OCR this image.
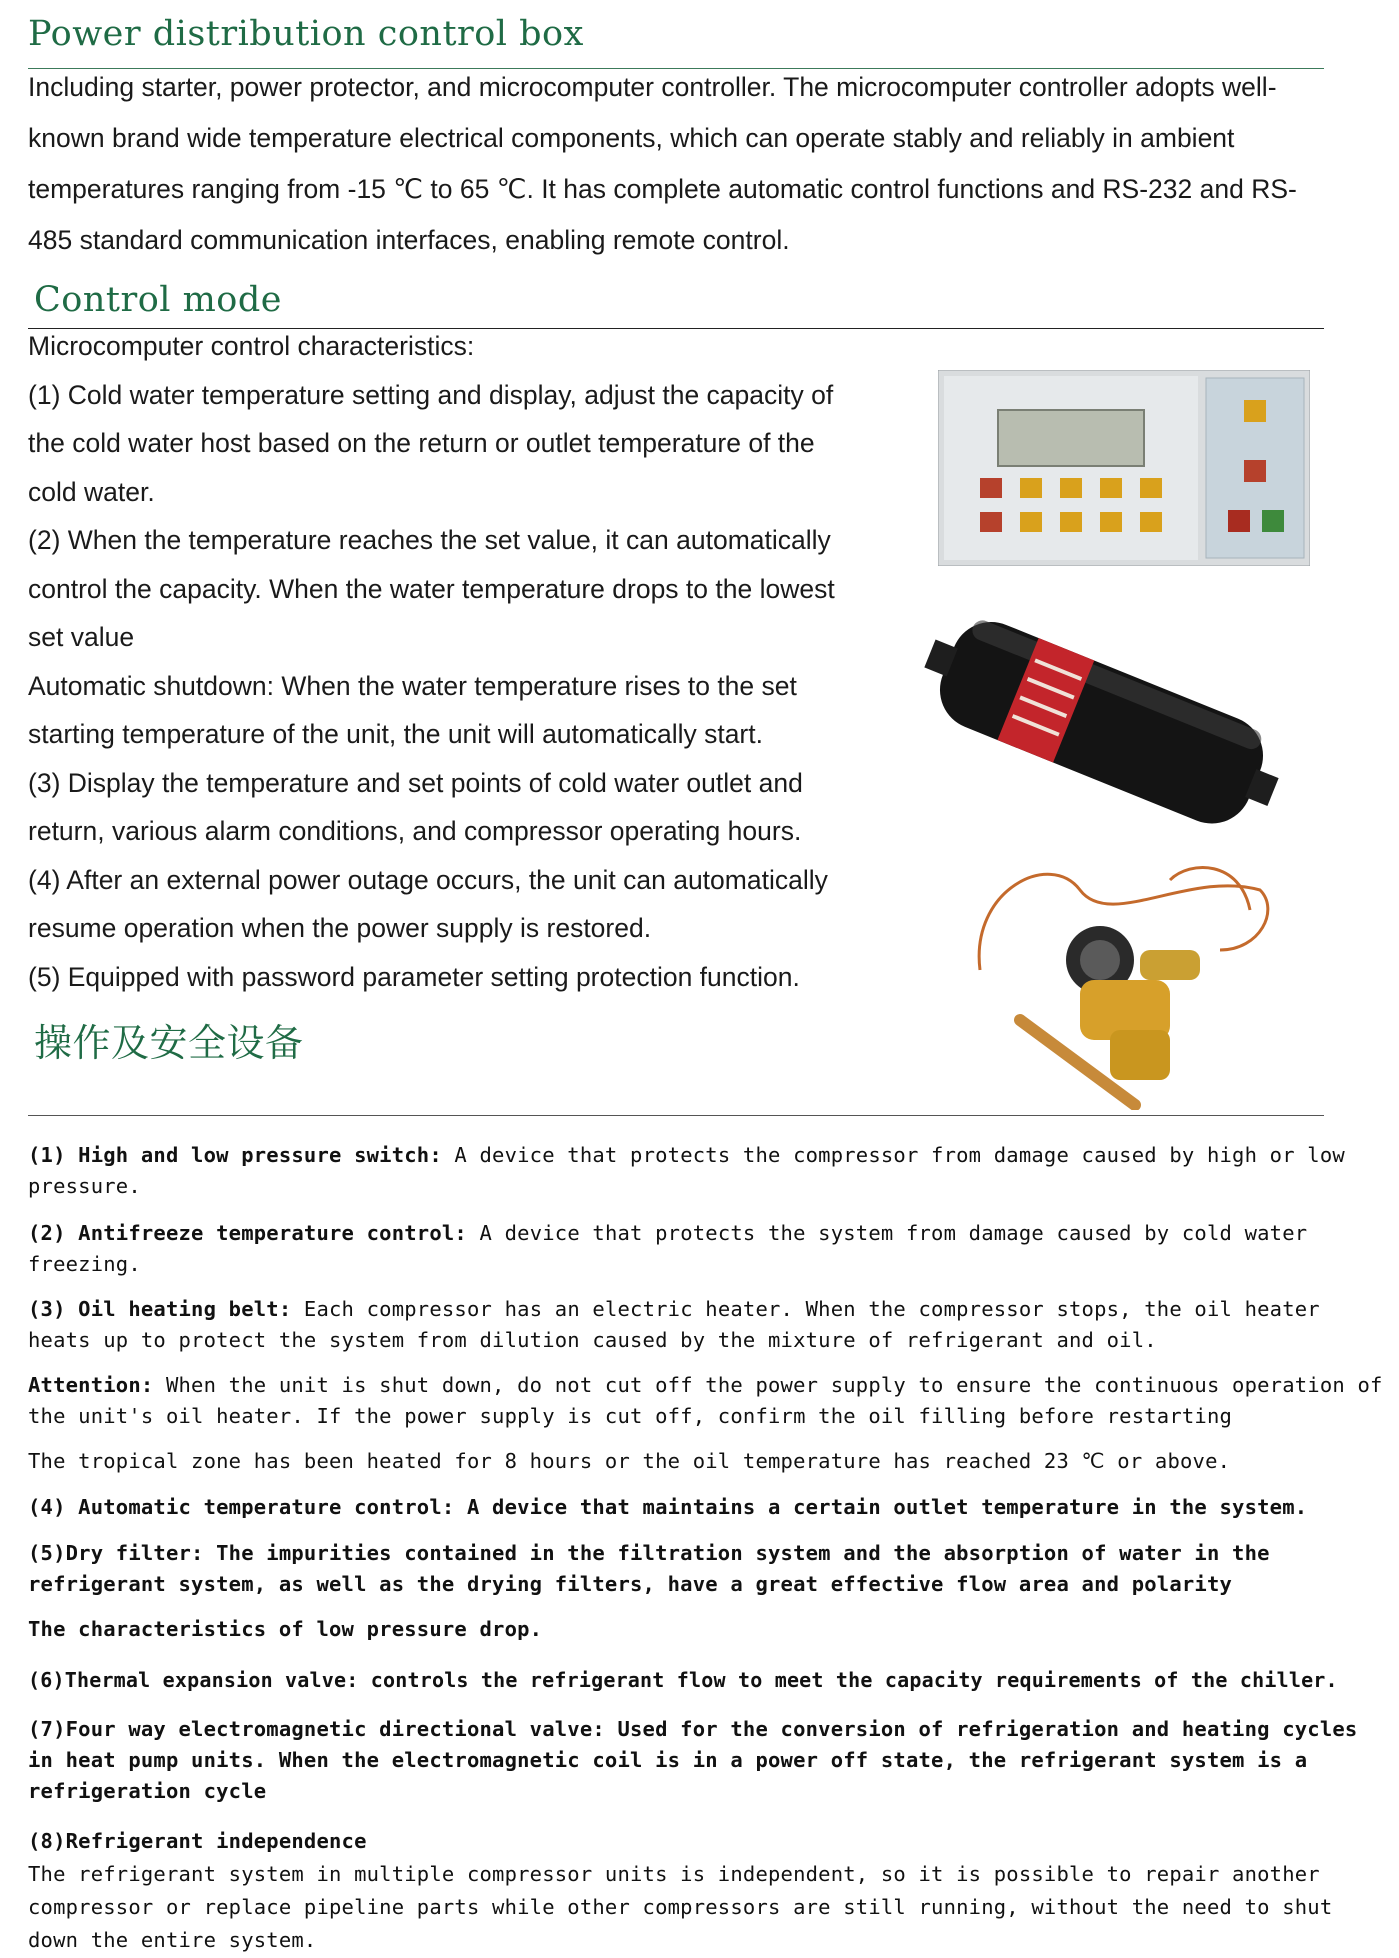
Power distribution control box

Including starter, power protector, and microcomputer controller. The microcomputer controller adopts well-known brand wide temperature electrical components, which can operate stably and reliably in ambient temperatures ranging from -15 ℃ to 65 ℃. It has complete automatic control functions and RS-232 and RS-485 standard communication interfaces, enabling remote control.

Control mode
Microcomputer control characteristics:
(1) Cold water temperature setting and display, adjust the capacity of
the cold water host based on the return or outlet temperature of the
cold water.
(2) When the temperature reaches the set value, it can automatically
control the capacity. When the water temperature drops to the lowest
set value
Automatic shutdown: When the water temperature rises to the set
starting temperature of the unit, the unit will automatically start.
(3) Display the temperature and set points of cold water outlet and
return, various alarm conditions, and compressor operating hours.
(4) After an external power outage occurs, the unit can automatically
resume operation when the power supply is restored.
(5) Equipped with password parameter setting protection function.
操作及安全设备

(1) High and low pressure switch: A device that protects the compressor from damage caused by high or low pressure.

(2) Antifreeze temperature control: A device that protects the system from damage caused by cold water freezing.

(3) Oil heating belt: Each compressor has an electric heater. When the compressor stops, the oil heater heats up to protect the system from dilution caused by the mixture of refrigerant and oil.

Attention: When the unit is shut down, do not cut off the power supply to ensure the continuous operation of the unit's oil heater. If the power supply is cut off, confirm the oil filling before restarting

The tropical zone has been heated for 8 hours or the oil temperature has reached 23 ℃ or above.

(4) Automatic temperature control: A device that maintains a certain outlet temperature in the system.

(5)Dry filter: The impurities contained in the filtration system and the absorption of water in the refrigerant system, as well as the drying filters, have a great effective flow area and polarity

The characteristics of low pressure drop.

(6)Thermal expansion valve: controls the refrigerant flow to meet the capacity requirements of the chiller.

(7)Four way electromagnetic directional valve: Used for the conversion of refrigeration and heating cycles in heat pump units. When the electromagnetic coil is in a power off state, the refrigerant system is a refrigeration cycle

(8)Refrigerant independence

The refrigerant system in multiple compressor units is independent, so it is possible to repair another compressor or replace pipeline parts while other compressors are still running, without the need to shut down the entire system.
